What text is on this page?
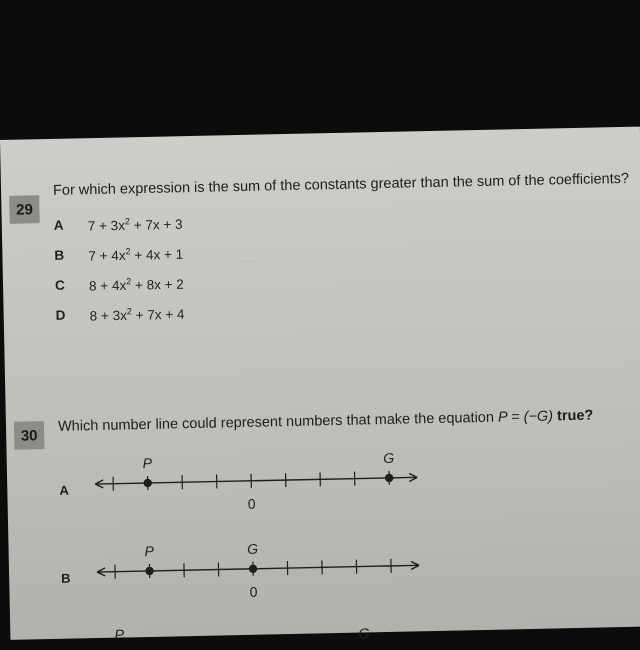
—
29
For which expression is the sum of the constants greater than the sum of the coefficients?
A $7 + 3x^2 + 7x + 3$
B $7 + 4x^2 + 4x + 1$
C $8 + 4x^2 + 8x + 2$
D $8 + 3x^2 + 7x + 4$
30
Which number line could represent numbers that make the equation P = (−G) true?
A
P	G
0
B
P	G
0
P	G
